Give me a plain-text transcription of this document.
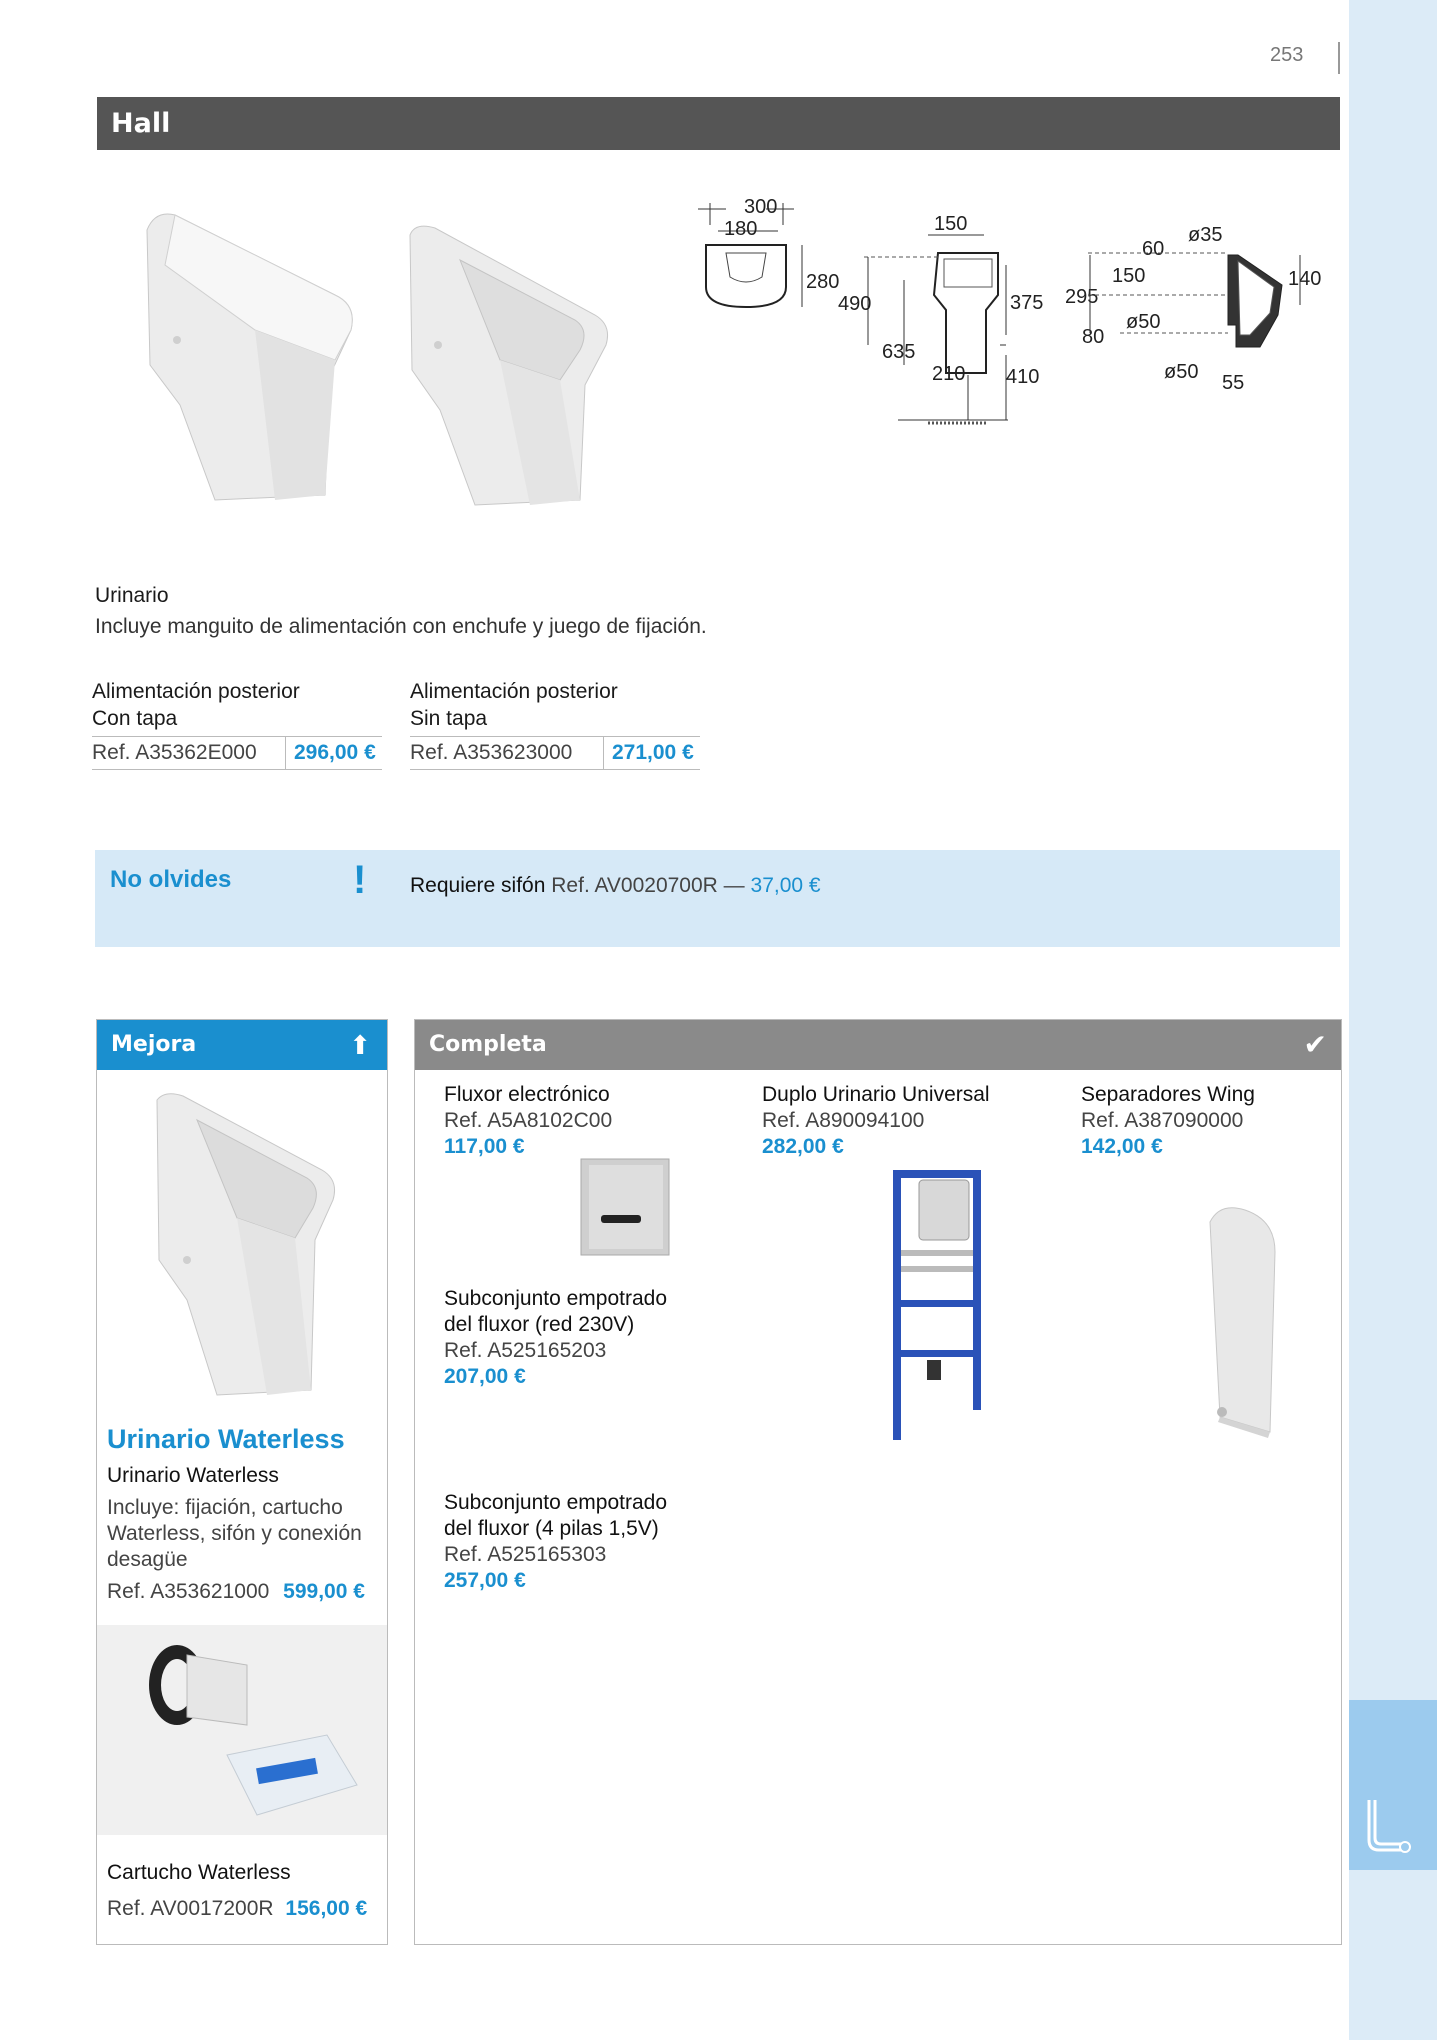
253
Hall
300
180
280
150
490	375
635
210 410
60
ø35
150	140
295
ø50
80
ø50 55
Urinario
Incluye manguito de alimentación con enchufe y juego de fijación.
Alimentación posterior
Con tapa
Ref. A35362E000	296,00 €
Alimentación posterior
Sin tapa
Ref. A353623000	271,00 €
No olvides	! Requiere sifón Ref. AV0020700R — 37,00 €
Mejora	⬆
Urinario Waterless
Urinario Waterless
Incluye: fijación, cartucho
Waterless, sifón y conexión
desagüe
Ref. A353621000 599,00 €
Cartucho Waterless
Ref. AV0017200R 156,00 €
Completa	✔
Fluxor electrónico
Ref. A5A8102C00
117,00 €
Duplo Urinario Universal
Ref. A890094100
282,00 €
Separadores Wing
Ref. A387090000
142,00 €
Subconjunto empotrado
del fluxor (red 230V)
Ref. A525165203
207,00 €
Subconjunto empotrado
del fluxor (4 pilas 1,5V)
Ref. A525165303
257,00 €
